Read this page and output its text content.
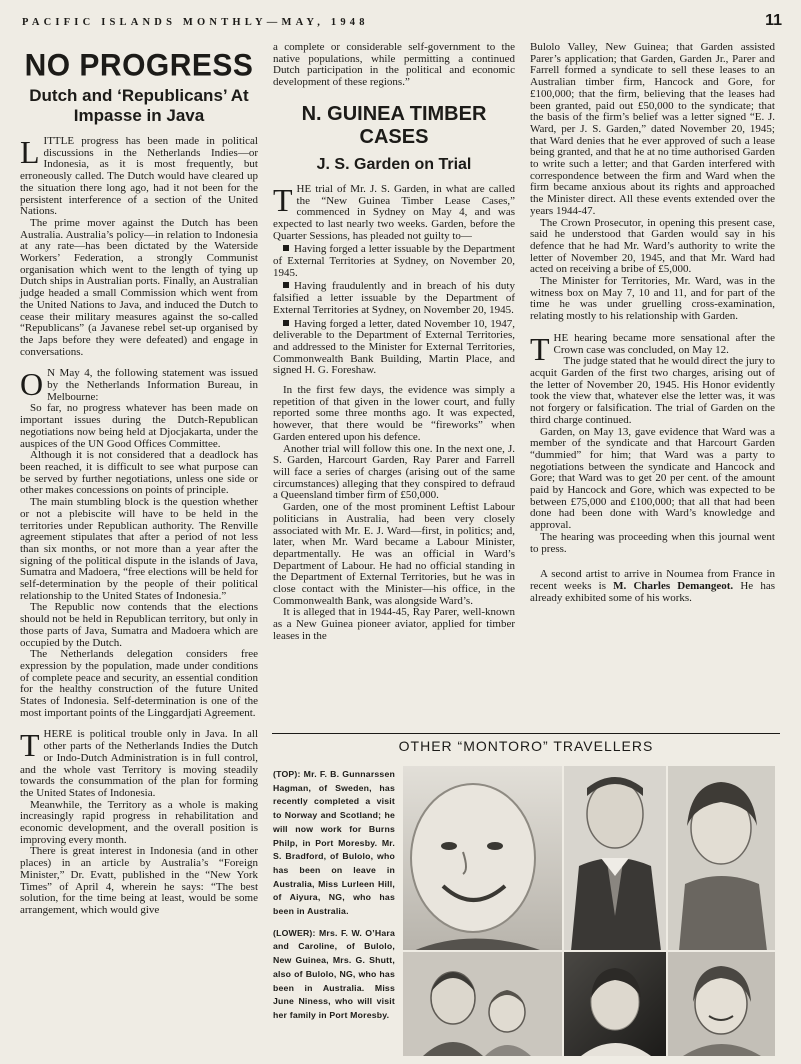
PACIFIC ISLANDS MONTHLY—MAY, 1948	11
NO PROGRESS
Dutch and ‘Republicans’ At Impasse in Java

LITTLE progress has been made in political discussions in the Netherlands Indies—or Indonesia, as it is most frequently, but erroneously called. The Dutch would have cleared up the situation there long ago, had it not been for the persistent interference of a section of the United Nations.

The prime mover against the Dutch has been Australia. Australia’s policy—in relation to Indonesia at any rate—has been dictated by the Waterside Workers’ Federation, a strongly Communist organisation which went to the length of tying up Dutch ships in Australian ports. Finally, an Australian judge headed a small Commission which went from the United Nations to Java, and induced the Dutch to cease their military measures against the so-called “Republicans” (a Javanese rebel set-up organised by the Japs before they were defeated) and engage in conversations.

O N May 4, the following statement was issued by the Netherlands Information Bureau, in Melbourne:

So far, no progress whatever has been made on important issues during the Dutch-Republican negotiations now being held at Djocjakarta, under the auspices of the UN Good Offices Committee.

Although it is not considered that a deadlock has been reached, it is difficult to see what purpose can be served by further negotiations, unless one side or other makes concessions on points of principle.

The main stumbling block is the question whether or not a plebiscite will have to be held in the territories under Republican authority. The Renville agreement stipulates that after a period of not less than six months, or not more than a year after the signing of the political dispute in the islands of Java, Sumatra and Madoera, “free elections will be held for self-determination by the people of their political relationship to the United States of Indonesia.”

The Republic now contends that the elections should not be held in Republican territory, but only in those parts of Java, Sumatra and Madoera which are occupied by the Dutch.

The Netherlands delegation considers free expression by the population, made under conditions of complete peace and security, an essential condition for the healthy construction of the future United States of Indonesia. Self-determination is one of the most important points of the Linggardjati Agreement.

THERE is political trouble only in Java. In all other parts of the Netherlands Indies the Dutch or Indo-Dutch Administration is in full control, and the whole vast Territory is moving steadily towards the consummation of the plan for forming the United States of Indonesia.

Meanwhile, the Territory as a whole is making increasingly rapid progress in rehabilitation and economic development, and the overall position is improving every month.

There is great interest in Indonesia (and in other places) in an article by Australia’s “Foreign Minister,” Dr. Evatt, published in the “New York Times” of April 4, wherein he says: “The best solution, for the time being at least, would be some arrangement, which would give

a complete or considerable self-government to the native populations, while permitting a continued Dutch participation in the political and economic development of these regions.”

N. GUINEA TIMBER CASES
J. S. Garden on Trial

THE trial of Mr. J. S. Garden, in what are called the “New Guinea Timber Lease Cases,” commenced in Sydney on May 4, and was expected to last nearly two weeks. Garden, before the Quarter Sessions, has pleaded not guilty to—

Having forged a letter issuable by the Department of External Territories at Sydney, on November 20, 1945.

Having fraudulently and in breach of his duty falsified a letter issuable by the Department of External Territories at Sydney, on November 20, 1945.

Having forged a letter, dated November 10, 1947, deliverable to the Department of External Territories, and addressed to the Minister for External Territories, Commonwealth Bank Building, Martin Place, and signed H. G. Foreshaw.

In the first few days, the evidence was simply a repetition of that given in the lower court, and fully reported some three months ago. It was expected, however, that there would be “fireworks” when Garden entered upon his defence.

Another trial will follow this one. In the next one, J. S. Garden, Harcourt Garden, Ray Parer and Farrell will face a series of charges (arising out of the same circumstances) alleging that they conspired to defraud a Queensland timber firm of £50,000.

Garden, one of the most prominent Leftist Labour politicians in Australia, had been very closely associated with Mr. E. J. Ward—first, in politics; and, later, when Mr. Ward became a Labour Minister, departmentally. He was an official in Ward’s Department of Labour. He had no official standing in the Department of External Territories, but he was in close contact with the Minister—his office, in the Commonwealth Bank, was alongside Ward’s.

It is alleged that in 1944-45, Ray Parer, well-known as a New Guinea pioneer aviator, applied for timber leases in the

Bulolo Valley, New Guinea; that Garden assisted Parer’s application; that Garden, Garden Jr., Parer and Farrell formed a syndicate to sell these leases to an Australian timber firm, Hancock and Gore, for £100,000; that the firm, believing that the leases had been granted, paid out £50,000 to the syndicate; that the basis of the firm’s belief was a letter signed “E. J. Ward, per J. S. Garden,” dated November 20, 1945; that Ward denies that he ever approved of such a lease being granted, and that he at no time authorised Garden to write such a letter; and that Garden interfered with correspondence between the firm and Ward when the firm became anxious about its rights and approached the Minister direct. All these events extended over the years 1944-47.

The Crown Prosecutor, in opening this present case, said he understood that Garden would say in his defence that he had Mr. Ward’s authority to write the letter of November 20, 1945, and that Mr. Ward had acted on receiving a bribe of £5,000.

The Minister for Territories, Mr. Ward, was in the witness box on May 7, 10 and 11, and for part of the time he was under gruelling cross-examination, relating mostly to his relationship with Garden.

THE hearing became more sensational after the Crown case was concluded, on May 12.

The judge stated that he would direct the jury to acquit Garden of the first two charges, arising out of the letter of November 20, 1945. His Honor evidently took the view that, whatever else the letter was, it was not forgery or falsification. The trial of Garden on the third charge continued.

Garden, on May 13, gave evidence that Ward was a member of the syndicate and that Harcourt Garden “dummied” for him; that Ward was a party to negotiations between the syndicate and Hancock and Gore; that Ward was to get 20 per cent. of the amount paid by Hancock and Gore, which was expected to be between £75,000 and £100,000; that all that had been done had been done with Ward’s knowledge and approval.

The hearing was proceeding when this journal went to press.

A second artist to arrive in Noumea from France in recent weeks is M. Charles Demangeot. He has already exhibited some of his works.

OTHER “MONTORO” TRAVELLERS

(TOP): Mr. F. B. Gunnarssen Hagman, of Sweden, has recently completed a visit to Norway and Scotland; he will now work for Burns Philp, in Port Moresby. Mr. S. Bradford, of Bulolo, who has been on leave in Australia, Miss Lurleen Hill, of Aiyura, NG, who has been in Australia.

(LOWER): Mrs. F. W. O’Hara and Caroline, of Bulolo, New Guinea, Mrs. G. Shutt, also of Bulolo, NG, who has been in Australia. Miss June Niness, who will visit her family in Port Moresby.
